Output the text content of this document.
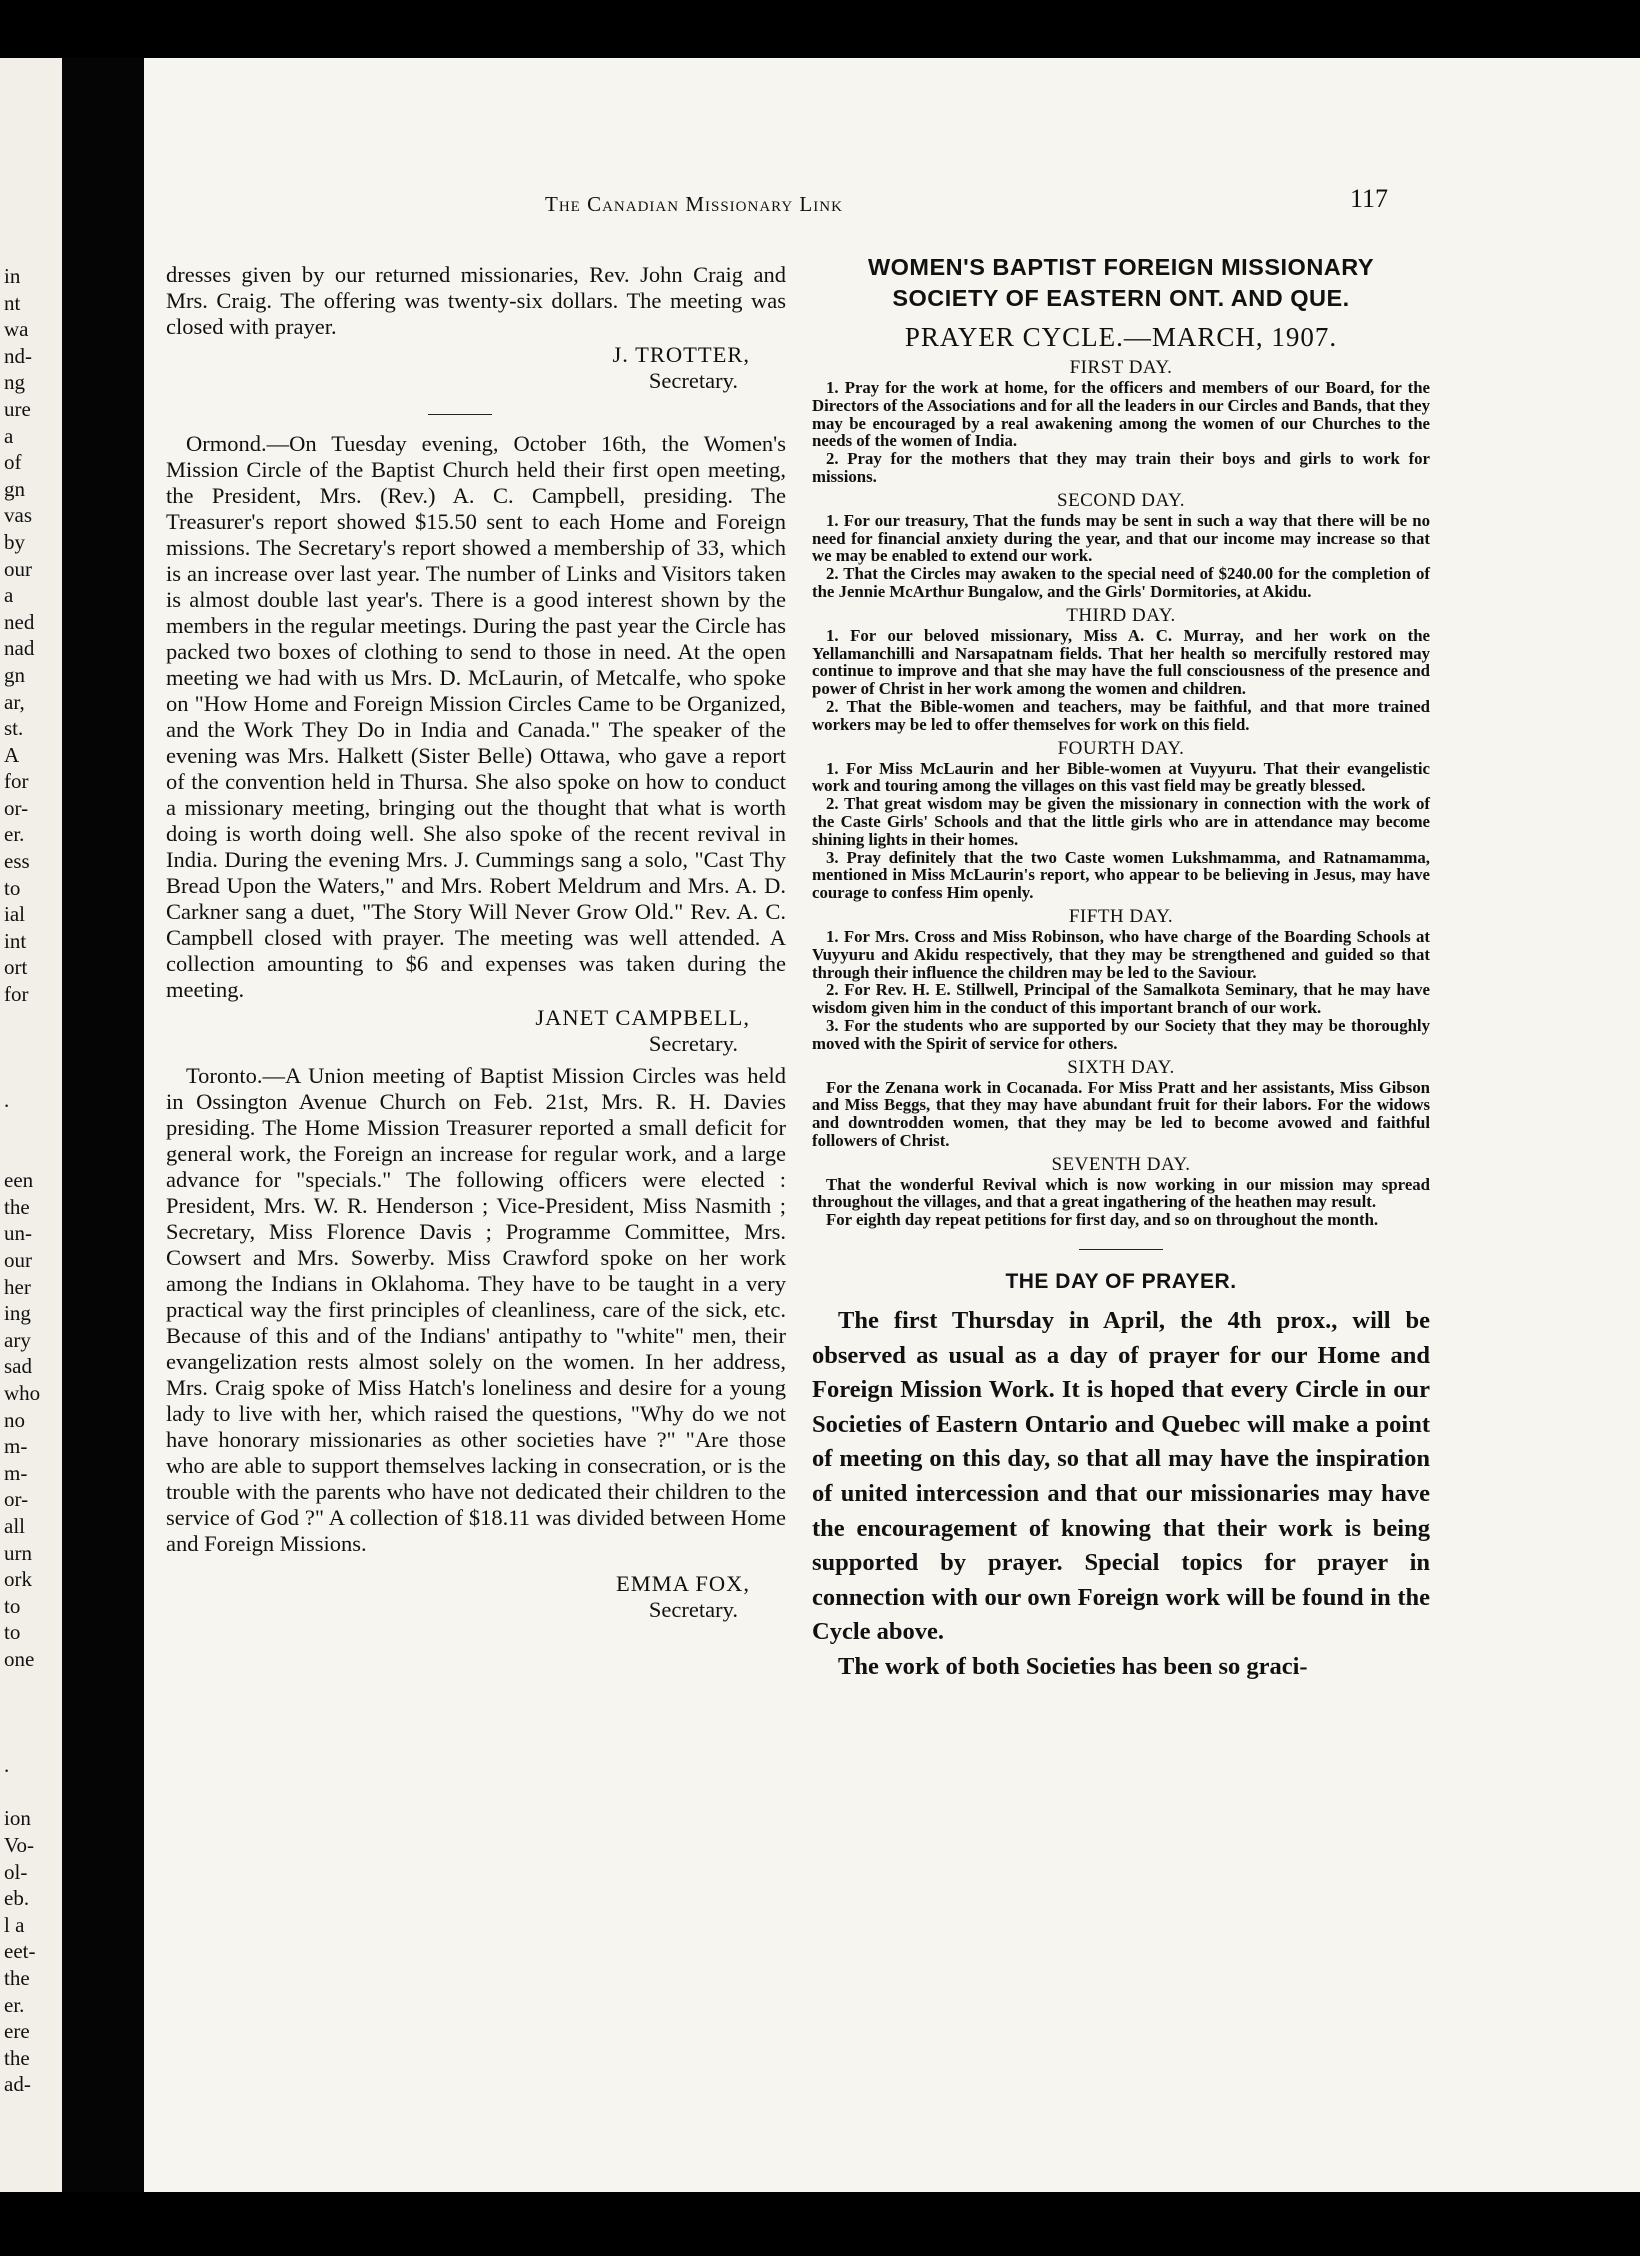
in
nt
wa
nd-
ng
ure
a
of
gn
vas
by
our
a
ned
nad
gn
ar,
st.
A
for
or-
er.
ess
to
ial
int
ort
for

.

een
the
un-
our
her
ing
ary
sad
who
no
m-
m-
or-
all
urn
ork
to
to
one

.

ion
Vo-
ol-
eb.
l a
eet-
the
er.
ere
the
ad-
The Canadian Missionary Link	117

dresses given by our returned missionaries, Rev. John Craig and Mrs. Craig. The offering was twenty-six dollars. The meeting was closed with prayer.

J. TROTTER,
Secretary.

Ormond.—On Tuesday evening, October 16th, the Women's Mission Circle of the Baptist Church held their first open meeting, the President, Mrs. (Rev.) A. C. Campbell, presiding. The Treasurer's report showed $15.50 sent to each Home and Foreign missions. The Secretary's report showed a membership of 33, which is an increase over last year. The number of Links and Visitors taken is almost double last year's. There is a good interest shown by the members in the regular meetings. During the past year the Circle has packed two boxes of clothing to send to those in need. At the open meeting we had with us Mrs. D. McLaurin, of Metcalfe, who spoke on "How Home and Foreign Mission Circles Came to be Organized, and the Work They Do in India and Canada." The speaker of the evening was Mrs. Halkett (Sister Belle) Ottawa, who gave a report of the convention held in Thursa. She also spoke on how to conduct a missionary meeting, bringing out the thought that what is worth doing is worth doing well. She also spoke of the recent revival in India. During the evening Mrs. J. Cummings sang a solo, "Cast Thy Bread Upon the Waters," and Mrs. Robert Meldrum and Mrs. A. D. Carkner sang a duet, "The Story Will Never Grow Old." Rev. A. C. Campbell closed with prayer. The meeting was well attended. A collection amounting to $6 and expenses was taken during the meeting.

JANET CAMPBELL,
Secretary.

Toronto.—A Union meeting of Baptist Mission Circles was held in Ossington Avenue Church on Feb. 21st, Mrs. R. H. Davies presiding. The Home Mission Treasurer reported a small deficit for general work, the Foreign an increase for regular work, and a large advance for "specials." The following officers were elected : President, Mrs. W. R. Henderson ; Vice-President, Miss Nasmith ; Secretary, Miss Florence Davis ; Programme Committee, Mrs. Cowsert and Mrs. Sowerby. Miss Crawford spoke on her work among the Indians in Oklahoma. They have to be taught in a very practical way the first principles of cleanliness, care of the sick, etc. Because of this and of the Indians' antipathy to "white" men, their evangelization rests almost solely on the women. In her address, Mrs. Craig spoke of Miss Hatch's loneliness and desire for a young lady to live with her, which raised the questions, "Why do we not have honorary missionaries as other societies have ?" "Are those who are able to support themselves lacking in consecration, or is the trouble with the parents who have not dedicated their children to the service of God ?" A collection of $18.11 was divided between Home and Foreign Missions.

EMMA FOX,
Secretary.
WOMEN'S BAPTIST FOREIGN MISSIONARY
SOCIETY OF EASTERN ONT. AND QUE.
PRAYER CYCLE.—MARCH, 1907.
FIRST DAY.

1. Pray for the work at home, for the officers and members of our Board, for the Directors of the Associations and for all the leaders in our Circles and Bands, that they may be encouraged by a real awakening among the women of our Churches to the needs of the women of India.

2. Pray for the mothers that they may train their boys and girls to work for missions.

SECOND DAY.

1. For our treasury, That the funds may be sent in such a way that there will be no need for financial anxiety during the year, and that our income may increase so that we may be enabled to extend our work.

2. That the Circles may awaken to the special need of $240.00 for the completion of the Jennie McArthur Bungalow, and the Girls' Dormitories, at Akidu.

THIRD DAY.

1. For our beloved missionary, Miss A. C. Murray, and her work on the Yellamanchilli and Narsapatnam fields. That her health so mercifully restored may continue to improve and that she may have the full consciousness of the presence and power of Christ in her work among the women and children.

2. That the Bible-women and teachers, may be faithful, and that more trained workers may be led to offer themselves for work on this field.

FOURTH DAY.

1. For Miss McLaurin and her Bible-women at Vuyyuru. That their evangelistic work and touring among the villages on this vast field may be greatly blessed.

2. That great wisdom may be given the missionary in connection with the work of the Caste Girls' Schools and that the little girls who are in attendance may become shining lights in their homes.

3. Pray definitely that the two Caste women Lukshmamma, and Ratnamamma, mentioned in Miss McLaurin's report, who appear to be believing in Jesus, may have courage to confess Him openly.

FIFTH DAY.

1. For Mrs. Cross and Miss Robinson, who have charge of the Boarding Schools at Vuyyuru and Akidu respectively, that they may be strengthened and guided so that through their influence the children may be led to the Saviour.

2. For Rev. H. E. Stillwell, Principal of the Samalkota Seminary, that he may have wisdom given him in the conduct of this important branch of our work.

3. For the students who are supported by our Society that they may be thoroughly moved with the Spirit of service for others.

SIXTH DAY.

For the Zenana work in Cocanada. For Miss Pratt and her assistants, Miss Gibson and Miss Beggs, that they may have abundant fruit for their labors. For the widows and downtrodden women, that they may be led to become avowed and faithful followers of Christ.

SEVENTH DAY.

That the wonderful Revival which is now working in our mission may spread throughout the villages, and that a great ingathering of the heathen may result.

For eighth day repeat petitions for first day, and so on throughout the month.

THE DAY OF PRAYER.

The first Thursday in April, the 4th prox., will be observed as usual as a day of prayer for our Home and Foreign Mission Work. It is hoped that every Circle in our Societies of Eastern Ontario and Quebec will make a point of meeting on this day, so that all may have the inspiration of united intercession and that our missionaries may have the encouragement of knowing that their work is being supported by prayer. Special topics for prayer in connection with our own Foreign work will be found in the Cycle above.

The work of both Societies has been so graci-
